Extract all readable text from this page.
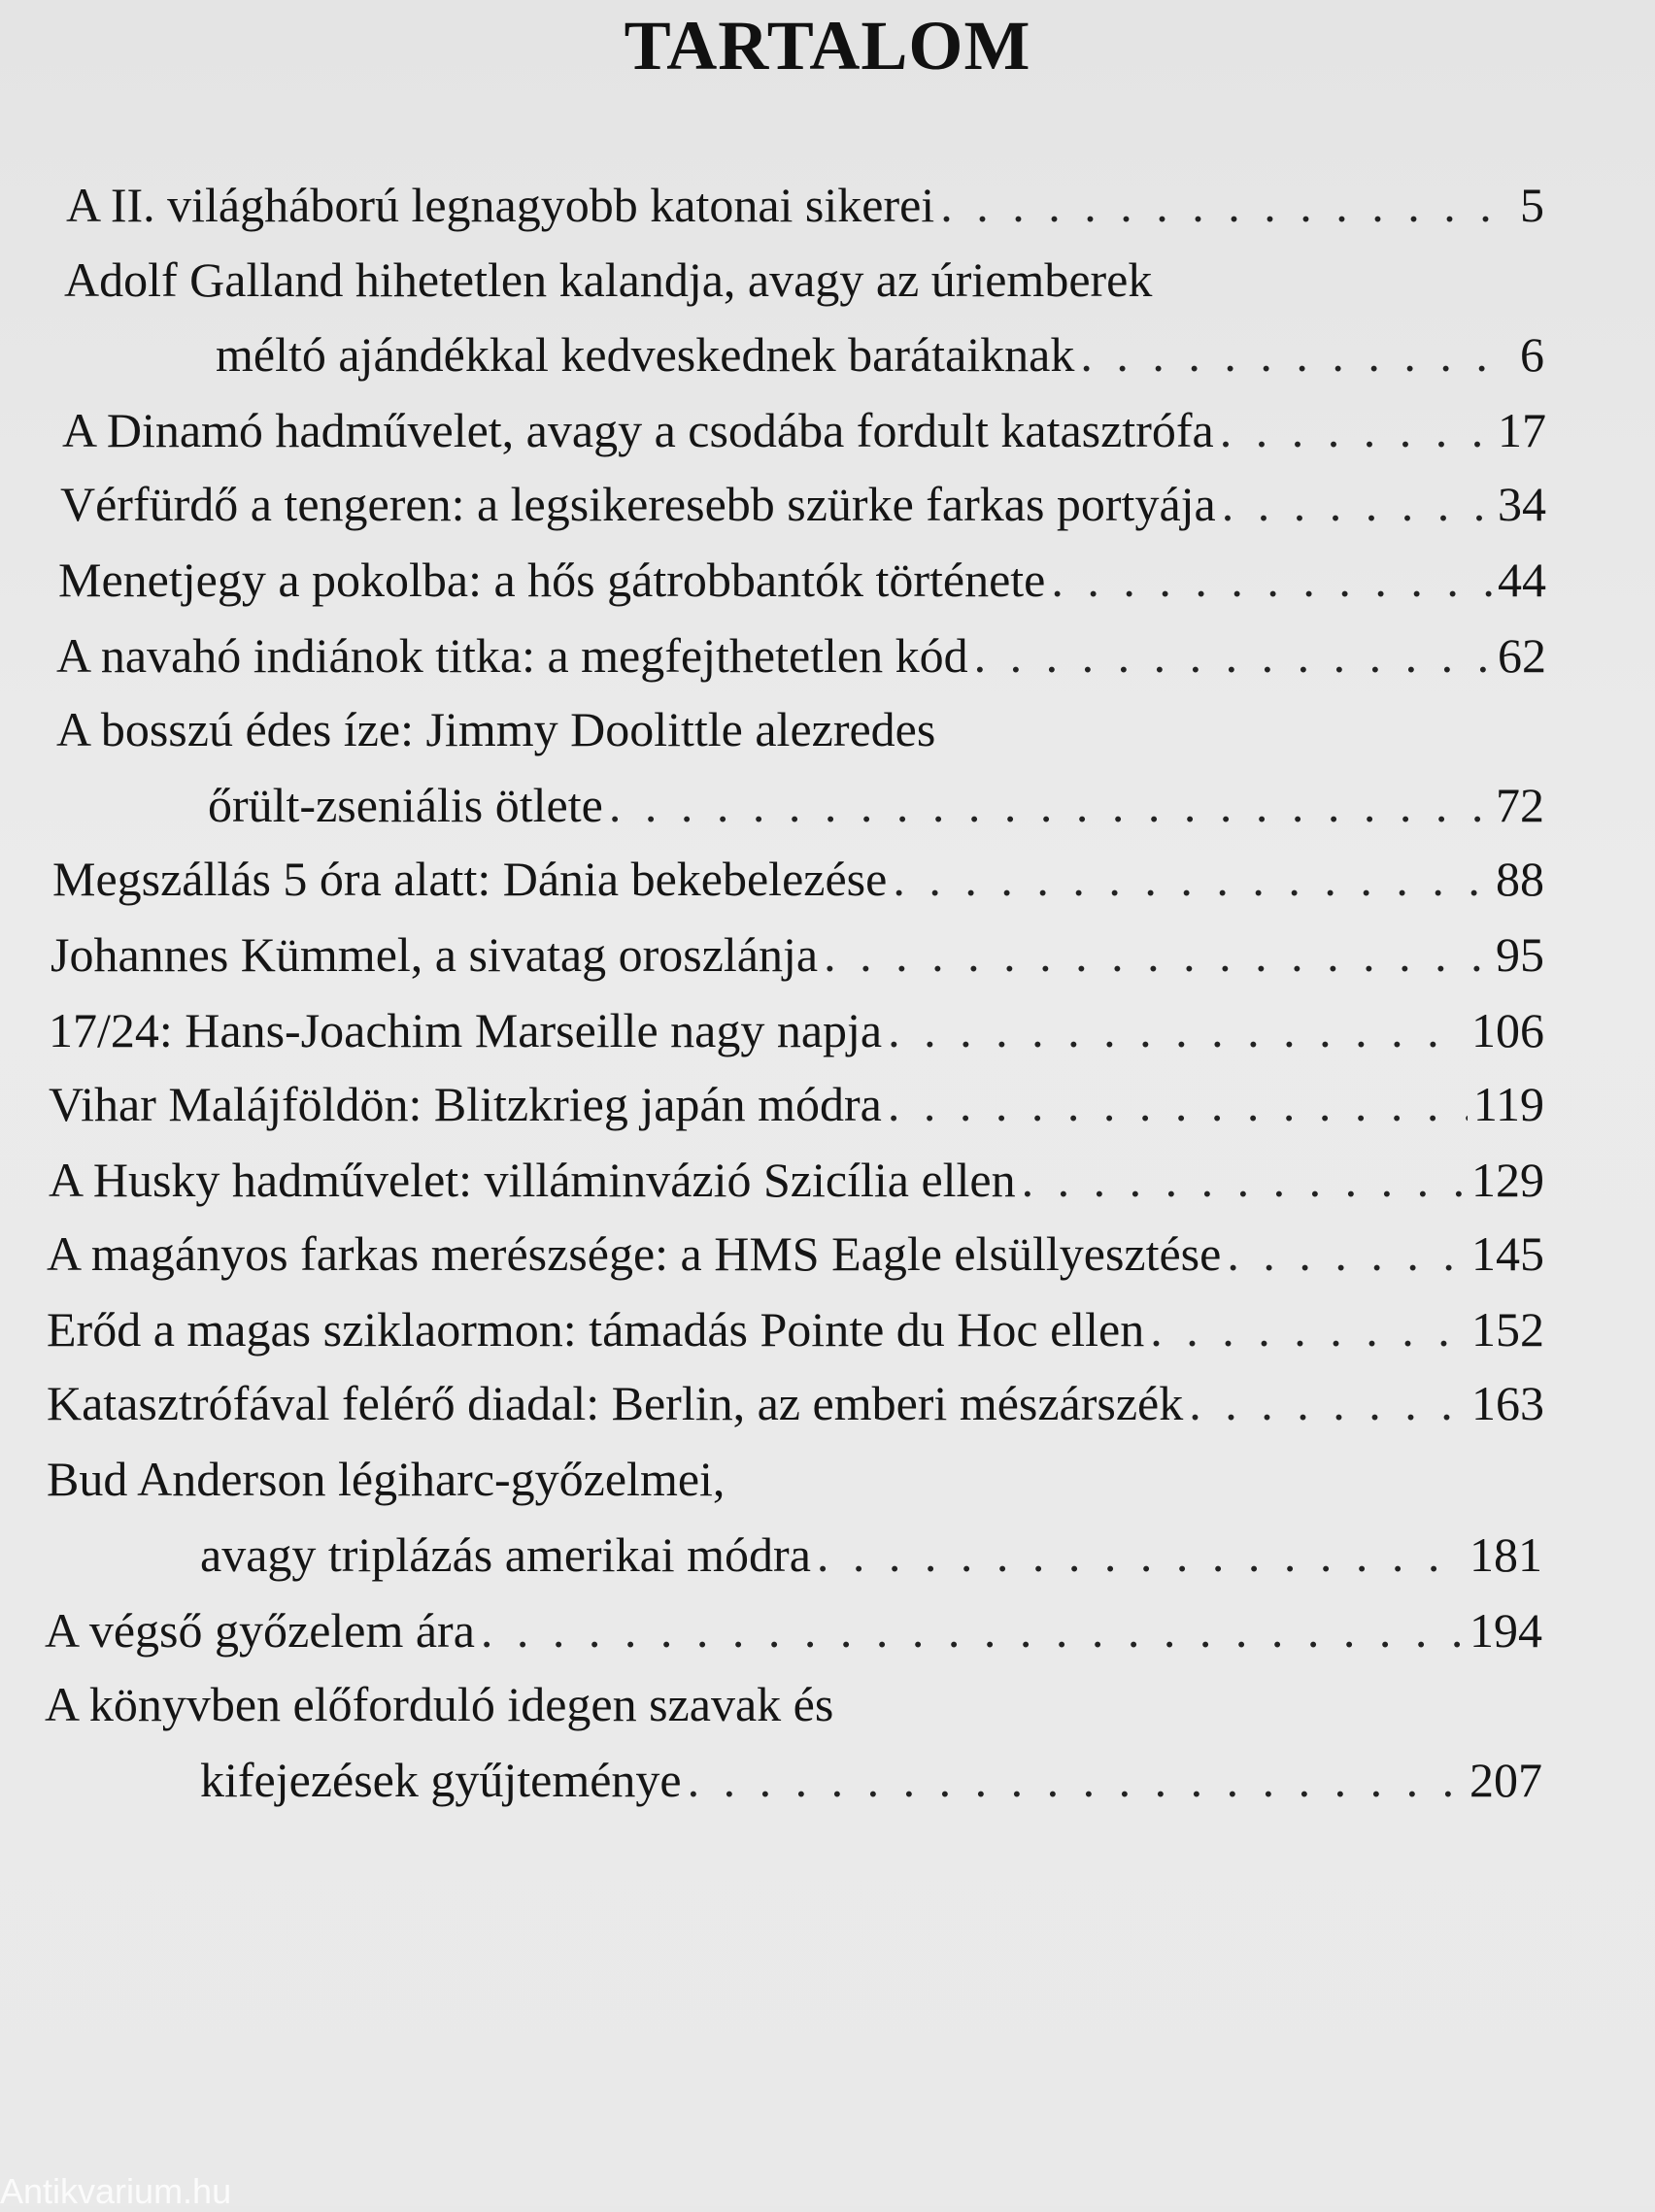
TARTALOM
A II. világháború legnagyobb katonai sikerei . . .	5
Adolf Galland hihetetlen kalandja, avagy az úriemberek
méltó ajándékkal kedveskednek barátaiknak . . .	6
A Dinamó hadművelet, avagy a csodába fordult katasztrófa . . .	17
Vérfürdő a tengeren: a legsikeresebb szürke farkas portyája . . .	34
Menetjegy a pokolba: a hős gátrobbantók története . . .	44
A navahó indiánok titka: a megfejthetetlen kód . . .	62
A bosszú édes íze: Jimmy Doolittle alezredes
őrült-zseniális ötlete . . .	72
Megszállás 5 óra alatt: Dánia bekebelezése . . .	88
Johannes Kümmel, a sivatag oroszlánja . . .	95
17/24: Hans-Joachim Marseille nagy napja . . .	106
Vihar Malájföldön: Blitzkrieg japán módra . . .	119
A Husky hadművelet: villáminvázió Szicília ellen . . .	129
A magányos farkas merészsége: a HMS Eagle elsüllyesztése . . .	145
Erőd a magas sziklaormon: támadás Pointe du Hoc ellen . . .	152
Katasztrófával felérő diadal: Berlin, az emberi mészárszék . . .	163
Bud Anderson légiharc-győzelmei,
avagy triplázás amerikai módra . . .	181
A végső győzelem ára . . .	194
A könyvben előforduló idegen szavak és
kifejezések gyűjteménye . . .	207
Antikvarium.hu
